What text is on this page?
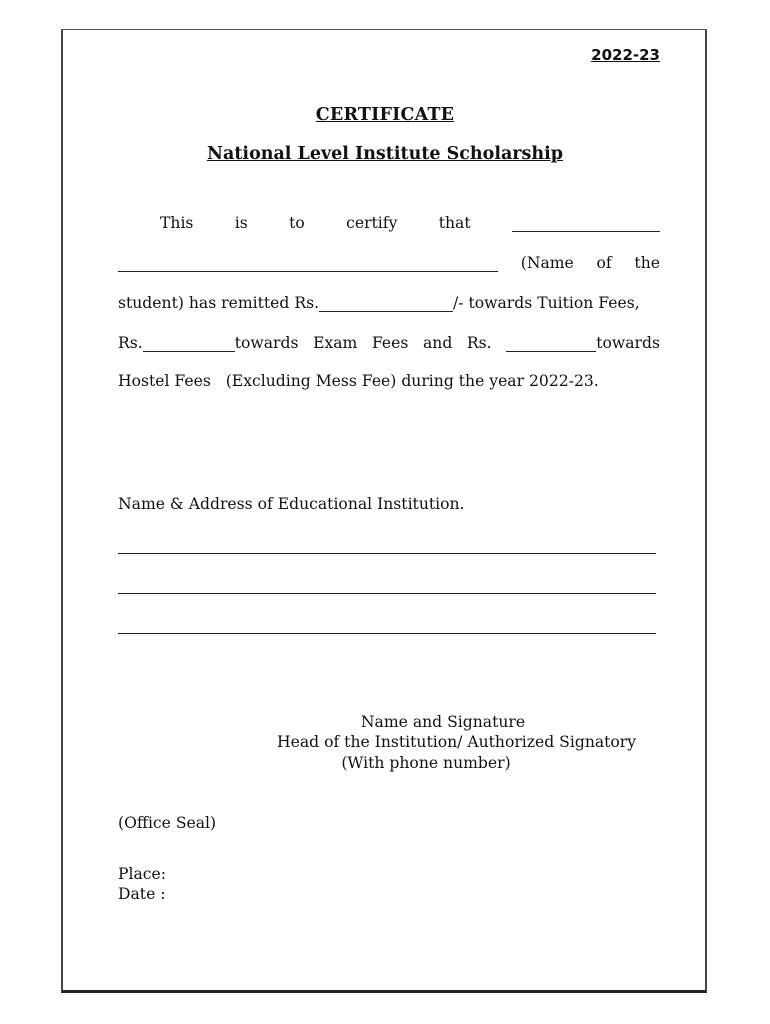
2022-23
CERTIFICATE
National Level Institute Scholarship
This	is	to	certify	that
(Name of the
student) has remitted Rs.	/- towards Tuition Fees,
Rs.	towards Exam Fees and Rs.	towards
Hostel Fees   (Excluding Mess Fee) during the year 2022-23.
Name & Address of Educational Institution.
Name and Signature
Head of the Institution/ Authorized Signatory
(With phone number)
(Office Seal)
Place:
Date :
